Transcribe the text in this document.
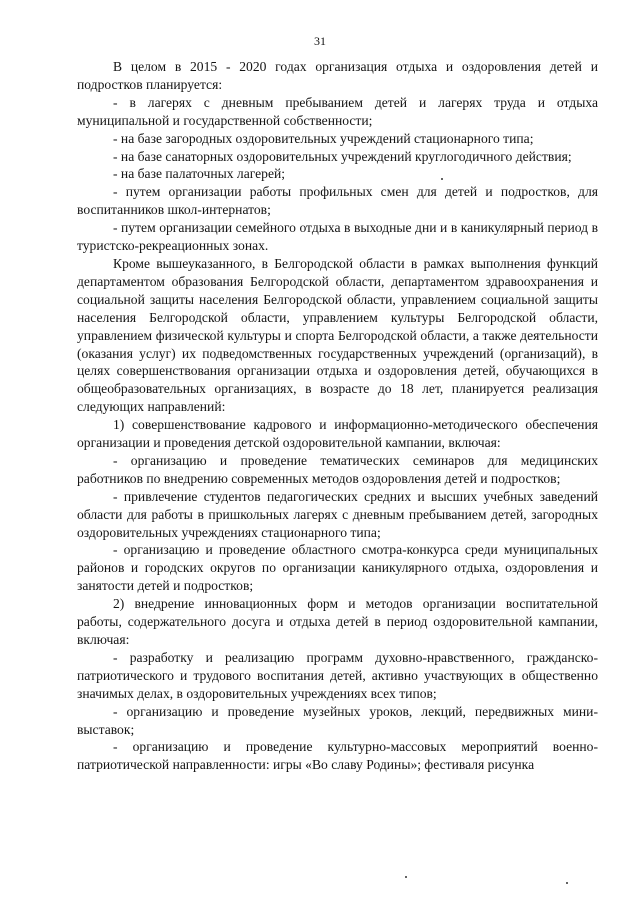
31

В целом в 2015 - 2020 годах организация отдыха и оздоровления детей и подростков планируется:

- в лагерях с дневным пребыванием детей и лагерях труда и отдыха муниципальной и государственной собственности;

- на базе загородных оздоровительных учреждений стационарного типа;

- на базе санаторных оздоровительных учреждений круглогодичного действия;

- на базе палаточных лагерей;

- путем организации работы профильных смен для детей и подростков, для воспитанников школ-интернатов;

- путем организации семейного отдыха в выходные дни и в каникулярный период в туристско-рекреационных зонах.

Кроме вышеуказанного, в Белгородской области в рамках выполнения функций департаментом образования Белгородской области, департаментом здравоохранения и социальной защиты населения Белгородской области, управлением социальной защиты населения Белгородской области, управлением культуры Белгородской области, управлением физической культуры и спорта Белгородской области, а также деятельности (оказания услуг) их подведомственных государственных учреждений (организаций), в целях совершенствования организации отдыха и оздоровления детей, обучающихся в общеобразовательных организациях, в возрасте до 18 лет, планируется реализация следующих направлений:

1) совершенствование кадрового и информационно-методического обеспечения организации и проведения детской оздоровительной кампании, включая:

- организацию и проведение тематических семинаров для медицинских работников по внедрению современных методов оздоровления детей и подростков;

- привлечение студентов педагогических средних и высших учебных заведений области для работы в пришкольных лагерях с дневным пребыванием детей, загородных оздоровительных учреждениях стационарного типа;

- организацию и проведение областного смотра-конкурса среди муниципальных районов и городских округов по организации каникулярного отдыха, оздоровления и занятости детей и подростков;

2) внедрение инновационных форм и методов организации воспитательной работы, содержательного досуга и отдыха детей в период оздоровительной кампании, включая:

- разработку и реализацию программ духовно-нравственного, гражданско-патриотического и трудового воспитания детей, активно участвующих в общественно значимых делах, в оздоровительных учреждениях всех типов;

- организацию и проведение музейных уроков, лекций, передвижных мини-выставок;

- организацию и проведение культурно-массовых мероприятий военно-патриотической направленности: игры «Во славу Родины»; фестиваля рисунка
